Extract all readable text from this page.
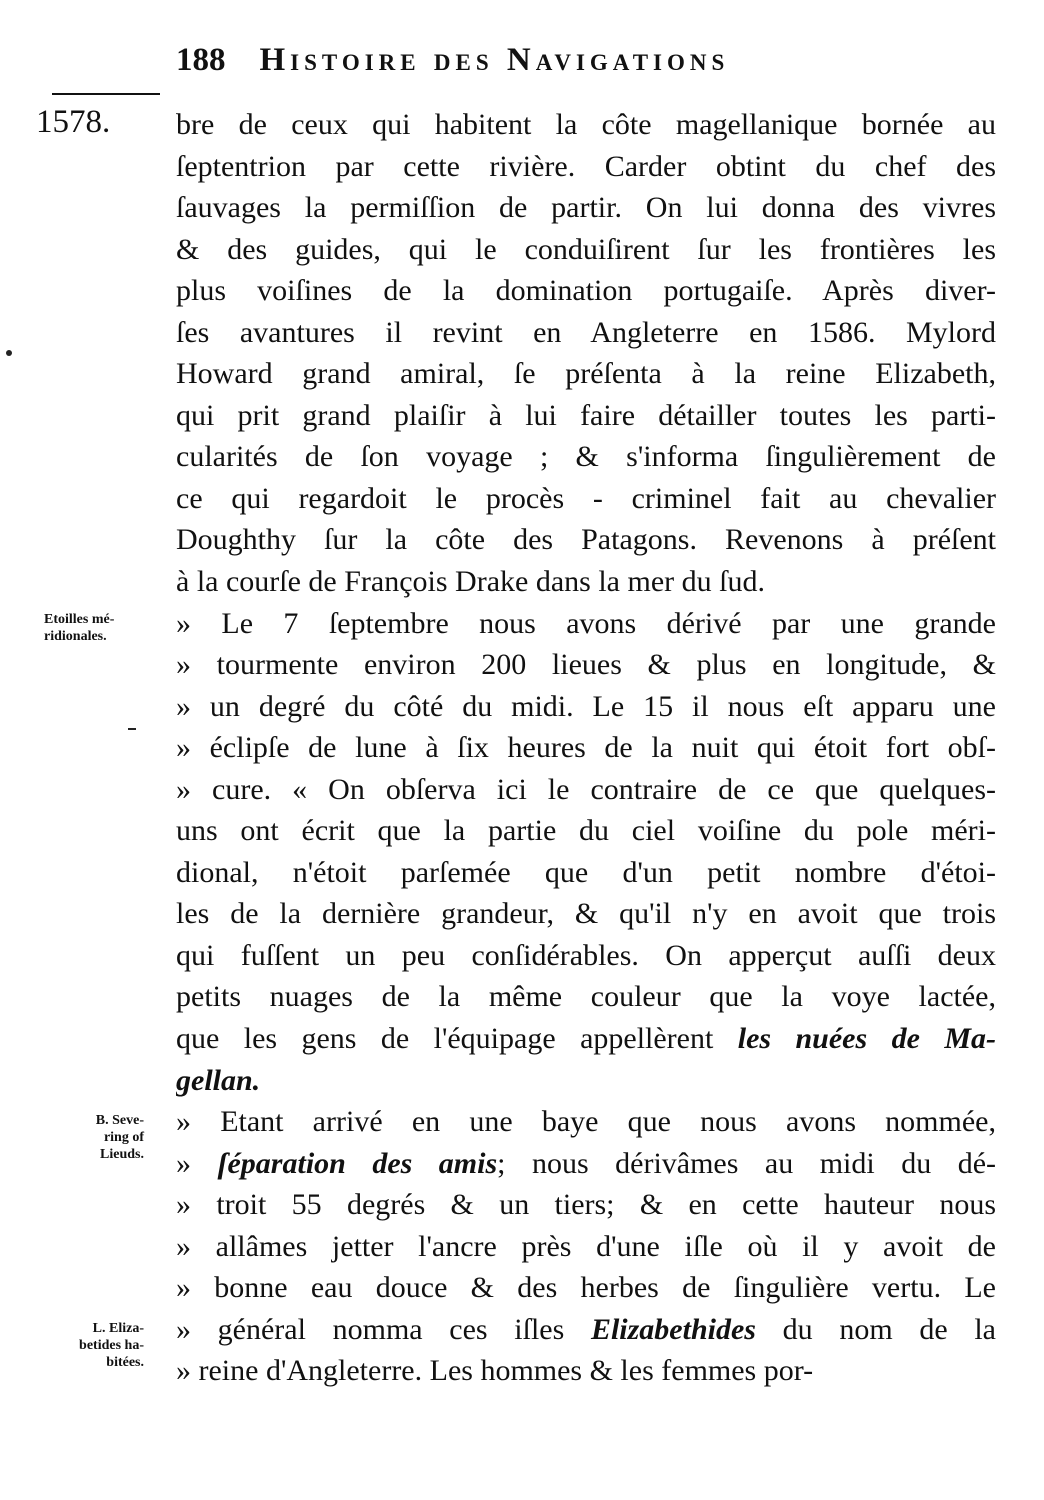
188 Histoire des Navigations
1578.
Etoilles mé-
ridionales.
B. Seve-
ring of
Lieuds.
L. Eliza-
betides ha-
bitées.
bre de ceux qui habitent la côte magellanique bornée au
ſeptentrion par cette rivière. Carder obtint du chef des
ſauvages la permiſſion de partir. On lui donna des vivres
& des guides, qui le conduiſirent ſur les frontières les
plus voiſines de la domination portugaiſe. Après diver-
ſes avantures il revint en Angleterre en 1586. Mylord
Howard grand amiral, ſe préſenta à la reine Elizabeth,
qui prit grand plaiſir à lui faire détailler toutes les parti-
cularités de ſon voyage ; & s'informa ſingulièrement de
ce qui regardoit le procès - criminel fait au chevalier
Doughthy ſur la côte des Patagons. Revenons à préſent
à la courſe de François Drake dans la mer du ſud.
» Le 7 ſeptembre nous avons dérivé par une grande
» tourmente environ 200 lieues & plus en longitude, &
» un degré du côté du midi. Le 15 il nous eſt apparu une
» éclipſe de lune à ſix heures de la nuit qui étoit fort obſ-
» cure. « On obſerva ici le contraire de ce que quelques-
uns ont écrit que la partie du ciel voiſine du pole méri-
dional, n'étoit parſemée que d'un petit nombre d'étoi-
les de la dernière grandeur, & qu'il n'y en avoit que trois
qui fuſſent un peu conſidérables. On apperçut auſſi deux
petits nuages de la même couleur que la voye lactée,
que les gens de l'équipage appellèrent les nuées de Ma-
gellan.
» Etant arrivé en une baye que nous avons nommée,
» ſéparation des amis; nous dérivâmes au midi du dé-
» troit 55 degrés & un tiers; & en cette hauteur nous
» allâmes jetter l'ancre près d'une iſle où il y avoit de
» bonne eau douce & des herbes de ſingulière vertu. Le
» général nomma ces iſles Elizabethides du nom de la
» reine d'Angleterre. Les hommes & les femmes por-
